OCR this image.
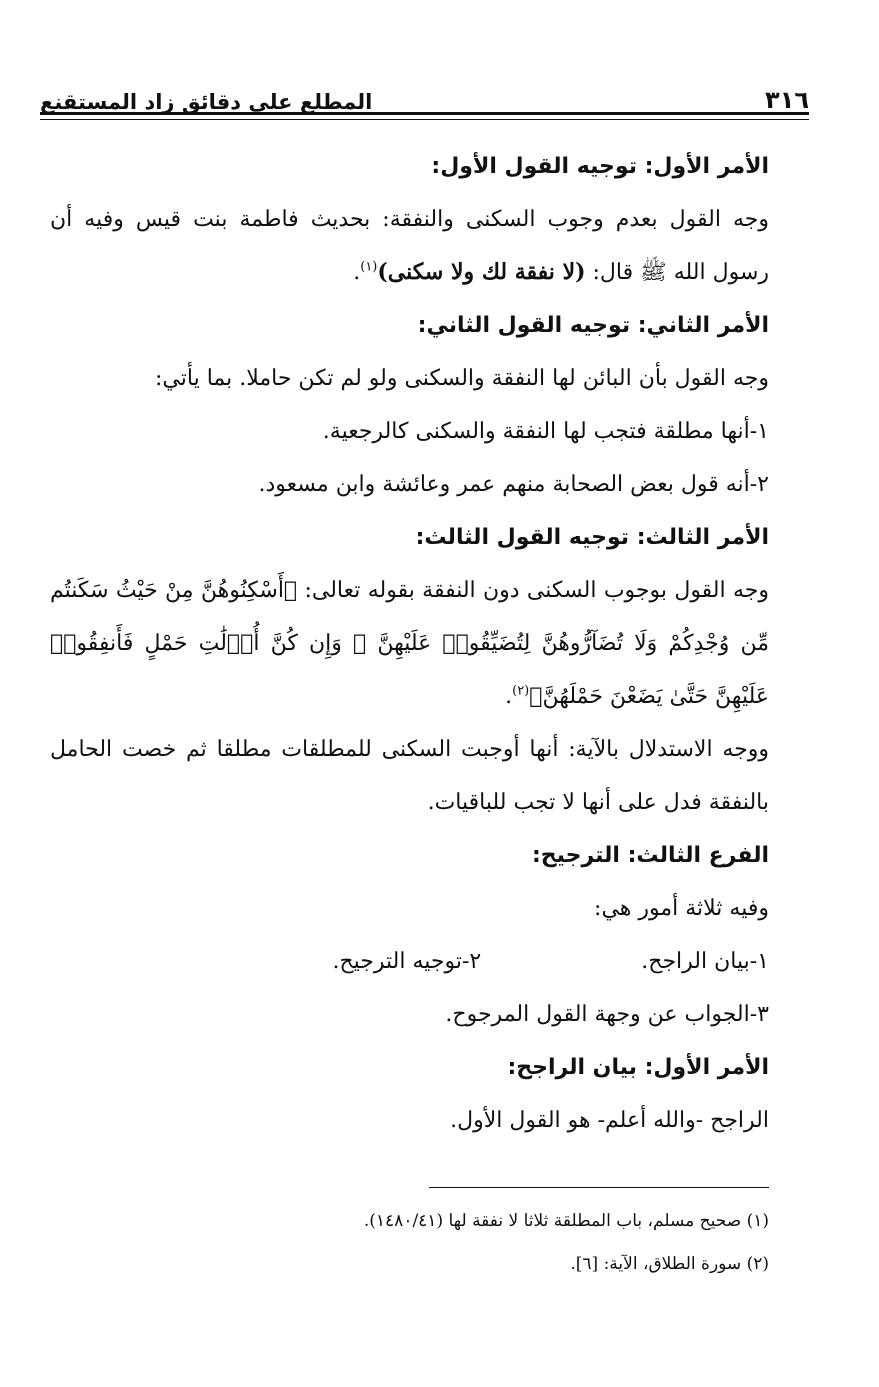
٣١٦
المطلع على دقائق زاد المستقنع

الأمر الأول: توجيه القول الأول:

وجه القول بعدم وجوب السكنى والنفقة: بحديث فاطمة بنت قيس وفيه أن رسول الله ﷺ قال: (لا نفقة لك ولا سكنى)$^{(١)}$.

الأمر الثاني: توجيه القول الثاني:

وجه القول بأن البائن لها النفقة والسكنى ولو لم تكن حاملا. بما يأتي:

١-أنها مطلقة فتجب لها النفقة والسكنى كالرجعية.

٢-أنه قول بعض الصحابة منهم عمر وعائشة وابن مسعود.

الأمر الثالث: توجيه القول الثالث:

وجه القول بوجوب السكنى دون النفقة بقوله تعالى: ﴿أَسْكِنُوهُنَّ مِنْ حَيْثُ سَكَنتُم مِّن وُجْدِكُمْ وَلَا تُضَآرُّوهُنَّ لِتُضَيِّقُوا۟ عَلَيْهِنَّ ۚ وَإِن كُنَّ أُو۟لَٰتِ حَمْلٍ فَأَنفِقُوا۟ عَلَيْهِنَّ حَتَّىٰ يَضَعْنَ حَمْلَهُنَّ﴾$^{(٢)}$.

ووجه الاستدلال بالآية: أنها أوجبت السكنى للمطلقات مطلقا ثم خصت الحامل بالنفقة فدل على أنها لا تجب للباقيات.

الفرع الثالث: الترجيح:

وفيه ثلاثة أمور هي:

١-بيان الراجح.
٢-توجيه الترجيح.

٣-الجواب عن وجهة القول المرجوح.

الأمر الأول: بيان الراجح:

الراجح -والله أعلم- هو القول الأول.

(١) صحيح مسلم، باب المطلقة ثلاثا لا نفقة لها (١٤٨٠/٤١).

(٢) سورة الطلاق، الآية: [٦].
